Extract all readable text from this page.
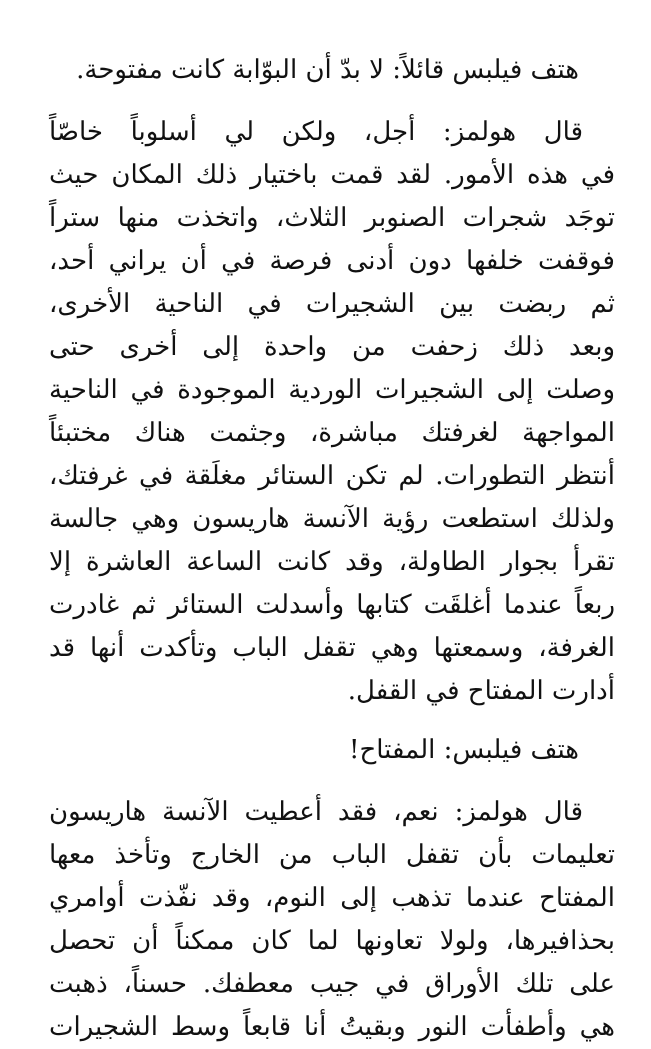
هتف فيلبس قائلاً: لا بدّ أن البوّابة كانت مفتوحة.

قال هولمز: أجل، ولكن لي أسلوباً خاصّاً

في هذه الأمور. لقد قمت باختيار ذلك المكان حيث

توجَد شجرات الصنوبر الثلاث، واتخذت منها ستراً

فوقفت خلفها دون أدنى فرصة في أن يراني أحد،

ثم ربضت بين الشجيرات في الناحية الأخرى،

وبعد ذلك زحفت من واحدة إلى أخرى حتى

وصلت إلى الشجيرات الوردية الموجودة في الناحية

المواجهة لغرفتك مباشرة، وجثمت هناك مختبئاً

أنتظر التطورات. لم تكن الستائر مغلَقة في غرفتك،

ولذلك استطعت رؤية الآنسة هاريسون وهي جالسة

تقرأ بجوار الطاولة، وقد كانت الساعة العاشرة إلا

ربعاً عندما أغلقَت كتابها وأسدلت الستائر ثم غادرت

الغرفة، وسمعتها وهي تقفل الباب وتأكدت أنها قد

أدارت المفتاح في القفل.

هتف فيلبس: المفتاح!

قال هولمز: نعم، فقد أعطيت الآنسة هاريسون

تعليمات بأن تقفل الباب من الخارج وتأخذ معها

المفتاح عندما تذهب إلى النوم، وقد نفّذت أوامري

بحذافيرها، ولولا تعاونها لما كان ممكناً أن تحصل

على تلك الأوراق في جيب معطفك. حسناً، ذهبت

هي وأطفأت النور وبقيتُ أنا قابعاً وسط الشجيرات
